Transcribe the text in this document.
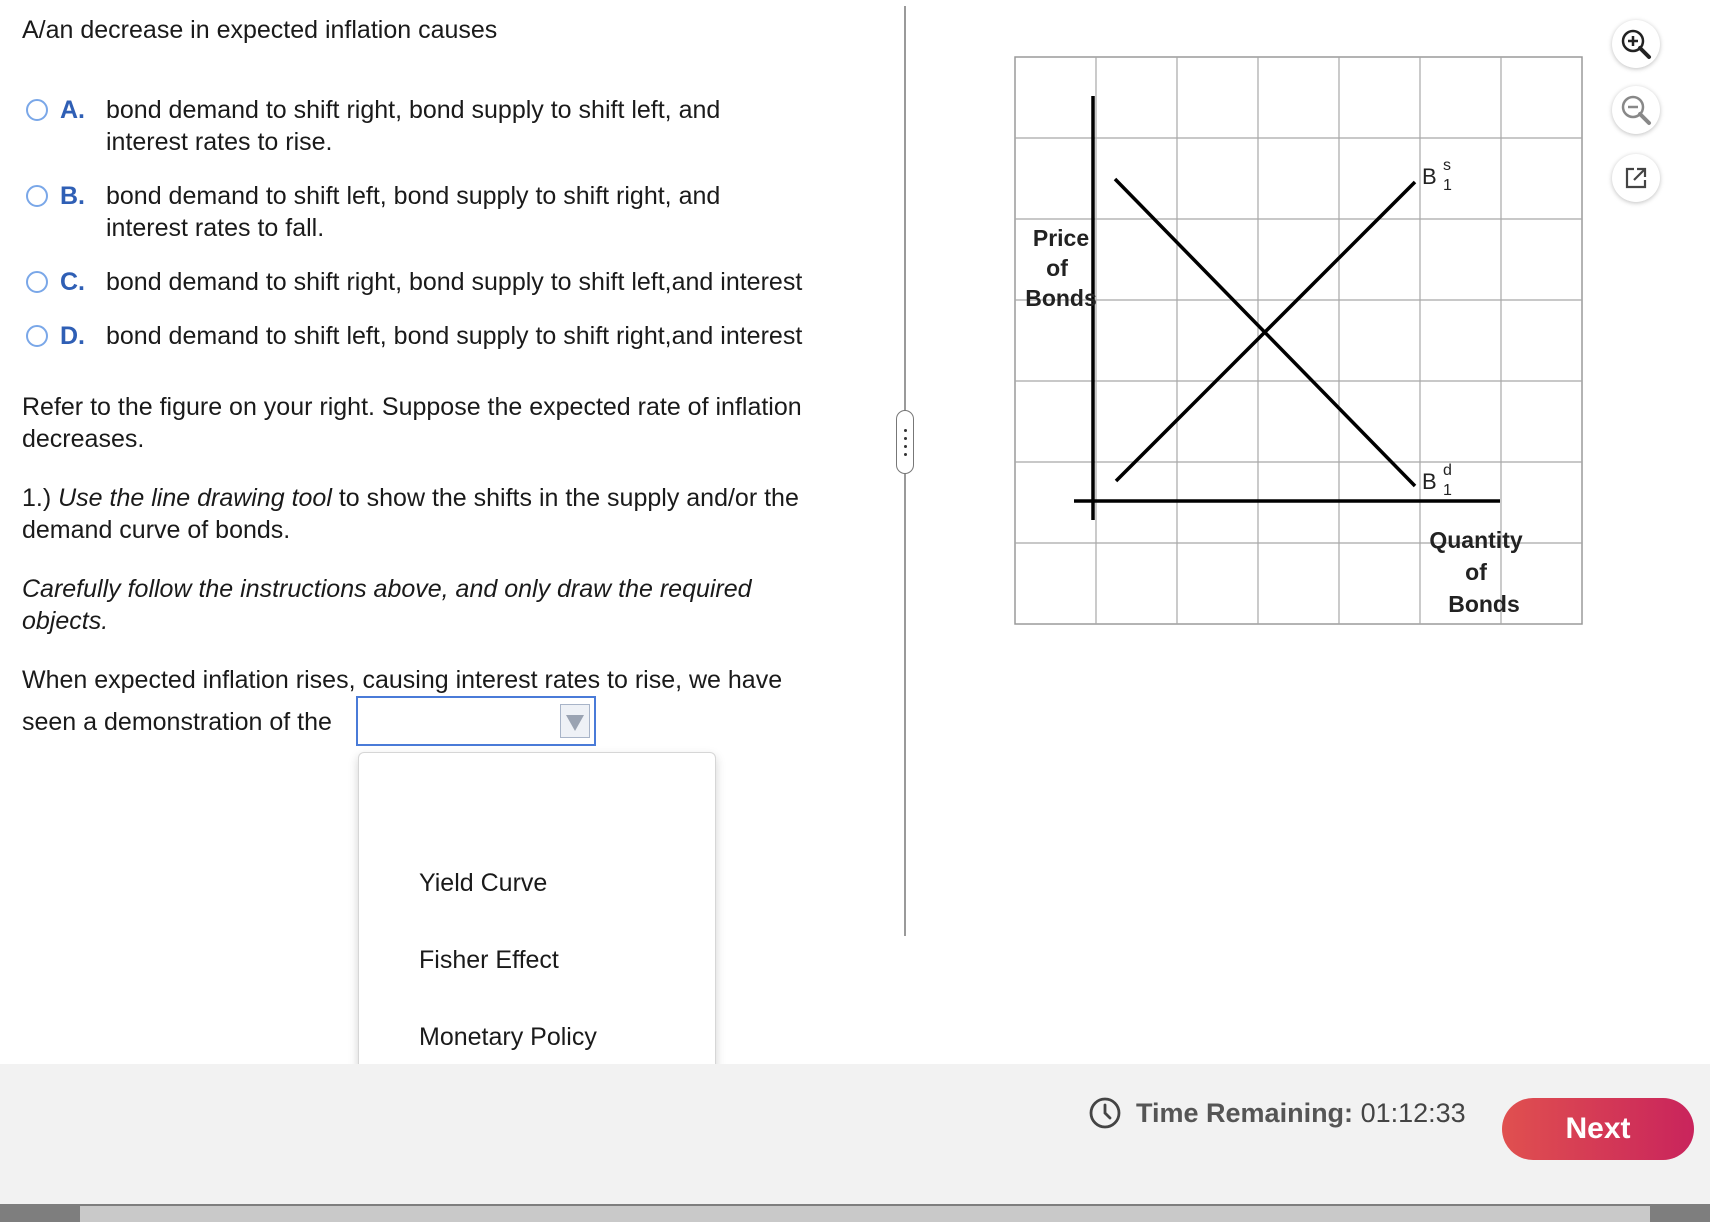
A/an decrease in expected inflation causes
A. bond demand to shift right, bond supply to shift left, and interest rates to rise.
B. bond demand to shift left, bond supply to shift right, and interest rates to fall.
C. bond demand to shift right, bond supply to shift left,and interest
D. bond demand to shift left, bond supply to shift right,and interest
Refer to the figure on your right. Suppose the expected rate of inflation decreases.
1.) Use the line drawing tool to show the shifts in the supply and/or the demand curve of bonds.
Carefully follow the instructions above, and only draw the required objects.
When expected inflation rises, causing interest rates to rise, we have
seen a demonstration of the
Yield Curve
Fisher Effect
Monetary Policy
Price
of
Bonds
Quantity
of
Bonds
B s
1
B d
1
Time Remaining: 01:12:33	Next
